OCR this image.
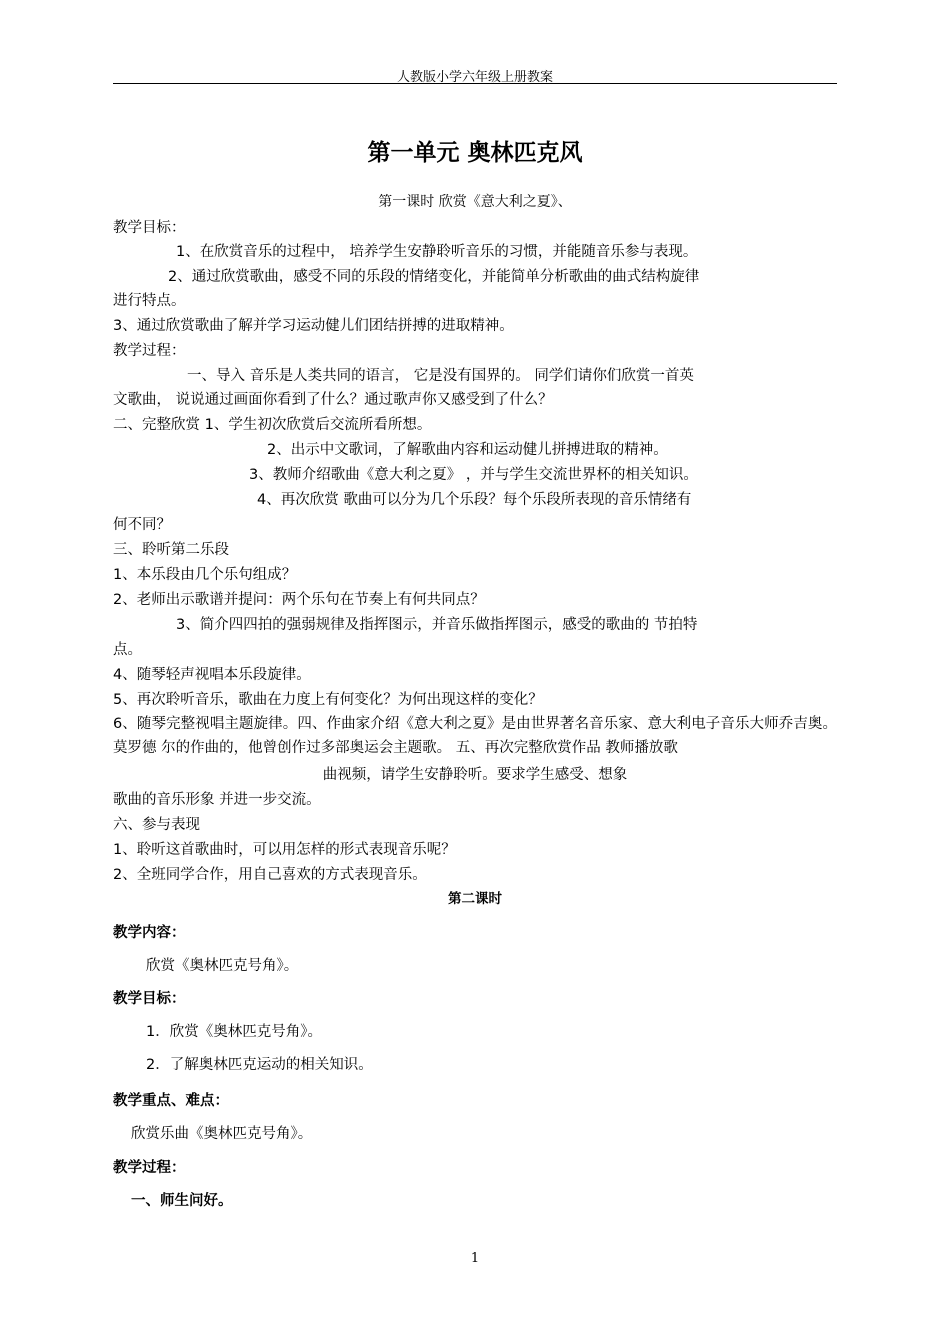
人教版小学六年级上册教案
第一单元 奥林匹克风
第一课时 欣赏《意大利之夏》、
教学目标：
1、在欣赏音乐的过程中， 培养学生安静聆听音乐的习惯，并能随音乐参与表现。
2、通过欣赏歌曲，感受不同的乐段的情绪变化，并能简单分析歌曲的曲式结构旋律
进行特点。
3、通过欣赏歌曲了解并学习运动健儿们团结拼搏的进取精神。
教学过程：
一、导入 音乐是人类共同的语言， 它是没有国界的。 同学们请你们欣赏一首英
文歌曲， 说说通过画面你看到了什么？通过歌声你又感受到了什么？
二、完整欣赏 1、学生初次欣赏后交流所看所想。
2、出示中文歌词，了解歌曲内容和运动健儿拼搏进取的精神。
3、教师介绍歌曲《意大利之夏》 ，并与学生交流世界杯的相关知识。
4、再次欣赏 歌曲可以分为几个乐段？每个乐段所表现的音乐情绪有
何不同？
三、聆听第二乐段
1、本乐段由几个乐句组成？
2、老师出示歌谱并提问：两个乐句在节奏上有何共同点？
3、简介四四拍的强弱规律及指挥图示，并音乐做指挥图示，感受的歌曲的 节拍特
点。
4、随琴轻声视唱本乐段旋律。
5、再次聆听音乐，歌曲在力度上有何变化？为何出现这样的变化？
6、随琴完整视唱主题旋律。四、作曲家介绍《意大利之夏》是由世界著名音乐家、意大利电子音乐大师乔吉奥。莫罗德 尔的作曲的，他曾创作过多部奥运会主题歌。 五、再次完整欣赏作品 教师播放歌
曲视频，请学生安静聆听。要求学生感受、想象
歌曲的音乐形象 并进一步交流。
六、参与表现
1、聆听这首歌曲时，可以用怎样的形式表现音乐呢？
2、全班同学合作，用自己喜欢的方式表现音乐。
第二课时
教学内容：
欣赏《奥林匹克号角》。
教学目标：
1．欣赏《奥林匹克号角》。
2．了解奥林匹克运动的相关知识。
教学重点、难点：
欣赏乐曲《奥林匹克号角》。
教学过程：
一、师生问好。
1
